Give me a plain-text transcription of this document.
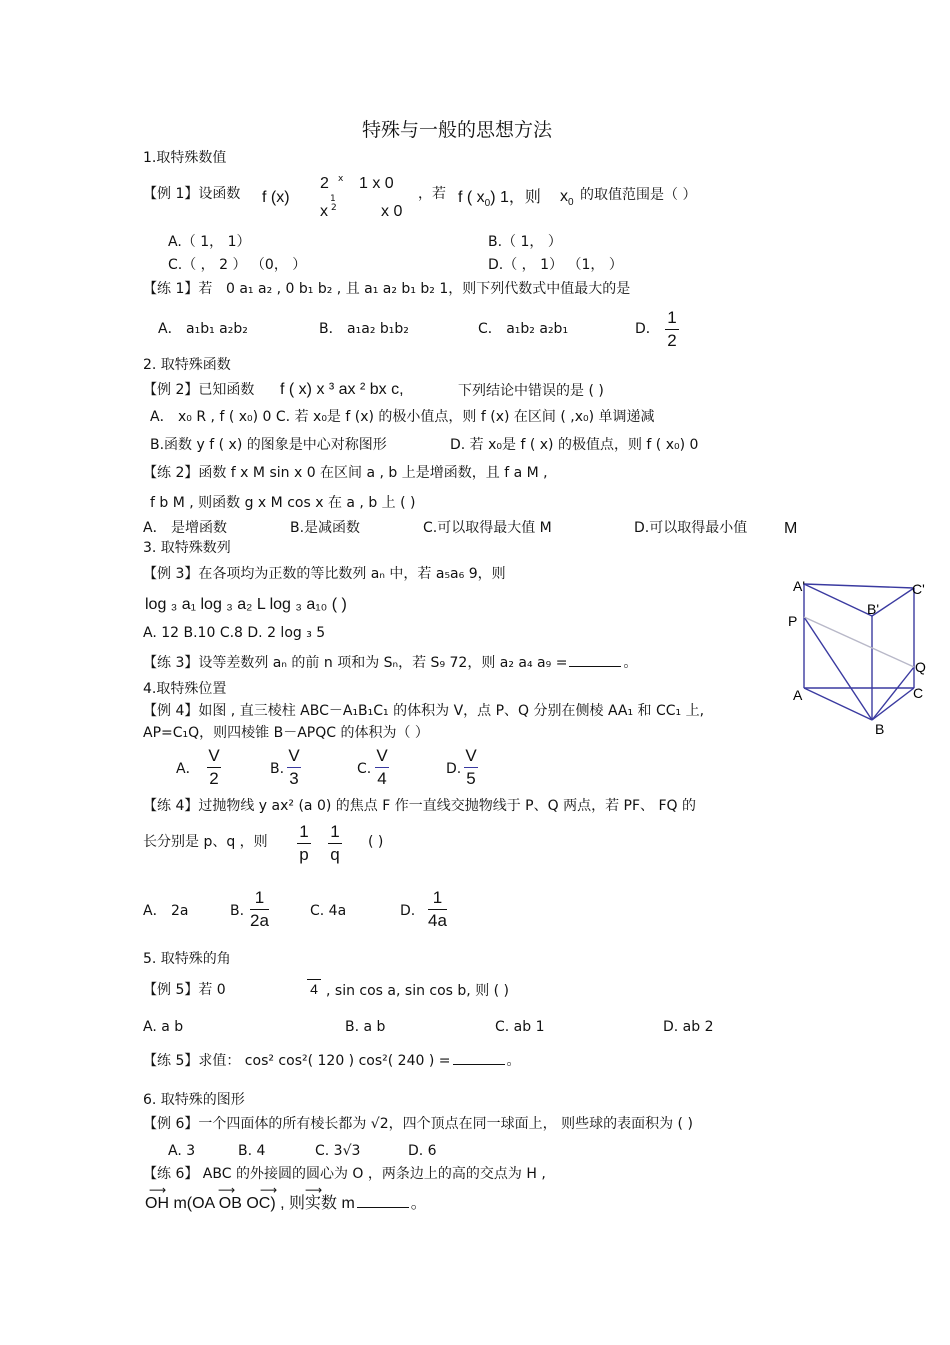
特殊与一般的思想方法
1.取特殊数值
【例 1】设函数 f (x)
2 x 1 x 0
1
x 2	x 0
，若 f ( $x_0$) 1，则 $x_0$ 的取值范围是（ ）
A.（ 1， 1）	B.（ 1， ）
C.（ ， 2 ） （0， ）	D.（ ， 1） （1， ）
【练 1】若 0 a₁ a₂ , 0 b₁ b₂ , 且 a₁ a₂ b₁ b₂ 1，则下列代数式中值最大的是
A． a₁b₁ a₂b₂	B． a₁a₂ b₁b₂	C． a₁b₂ a₂b₁	D．
1
2
2. 取特殊函数
【例 2】已知函数 f ( x) x ³ ax ² bx c,	下列结论中错误的是 ( )
A． x₀ R , f ( x₀) 0 C. 若 x₀是 f (x) 的极小值点，则 f (x) 在区间 ( ,x₀) 单调递减
B.函数 y f ( x) 的图象是中心对称图形	D. 若 x₀是 f ( x) 的极值点，则 f ( x₀) 0
【练 2】函数 f x M sin x 0 在区间 a , b 上是增函数，且 f a M ,
f b M , 则函数 g x M cos x 在 a , b 上 ( )
A． 是增函数	B.是减函数	C.可以取得最大值 M	D.可以取得最小值 M
3. 取特殊数列
【例 3】在各项均为正数的等比数列 aₙ 中，若 a₅a₆ 9，则
log ₃ a₁ log ₃ a₂ L log ₃ a₁₀ ( )
A. 12 B.10 C.8 D. 2 log ₃ 5
【练 3】设等差数列 aₙ 的前 n 项和为 Sₙ，若 S₉ 72，则 a₂ a₄ a₉ =	。
4.取特殊位置
【例 4】如图 , 直三棱柱 ABC－A₁B₁C₁ 的体积为 V，点 P、Q 分别在侧棱 AA₁ 和 CC₁ 上,
AP=C₁Q，则四棱锥 B－APQC 的体积为（ ）
A．
V
2	B.
V
3	C.
V
4	D.
V
5
A'	C'
B'
P
Q
A	C
B
【练 4】过抛物线 y ax² (a 0) 的焦点 F 作一直线交抛物线于 P、Q 两点，若 PF、 FQ 的
长分别是 p、q ，则
1
p
1
q
( )
A． 2a	B.
1
2a	C. 4a	D.
1
4a
5. 取特殊的角
【例 5】若 0	4 , sin cos a, sin cos b, 则 ( )
A. a b	B. a b	C. ab 1	D. ab 2
【练 5】求值： cos² cos²( 120 ) cos²( 240 ) =	。
6. 取特殊的图形
【例 6】一个四面体的所有棱长都为 √2，四个顶点在同一球面上， 则些球的表面积为 ( )
A. 3	B. 4	C. 3√3	D. 6
【练 6】 ABC 的外接圆的圆心为 O ，两条边上的高的交点为 H ,
⟶	⟶ ⟶ ⟶
OH m(OA OB OC) , 则实数 m	。
